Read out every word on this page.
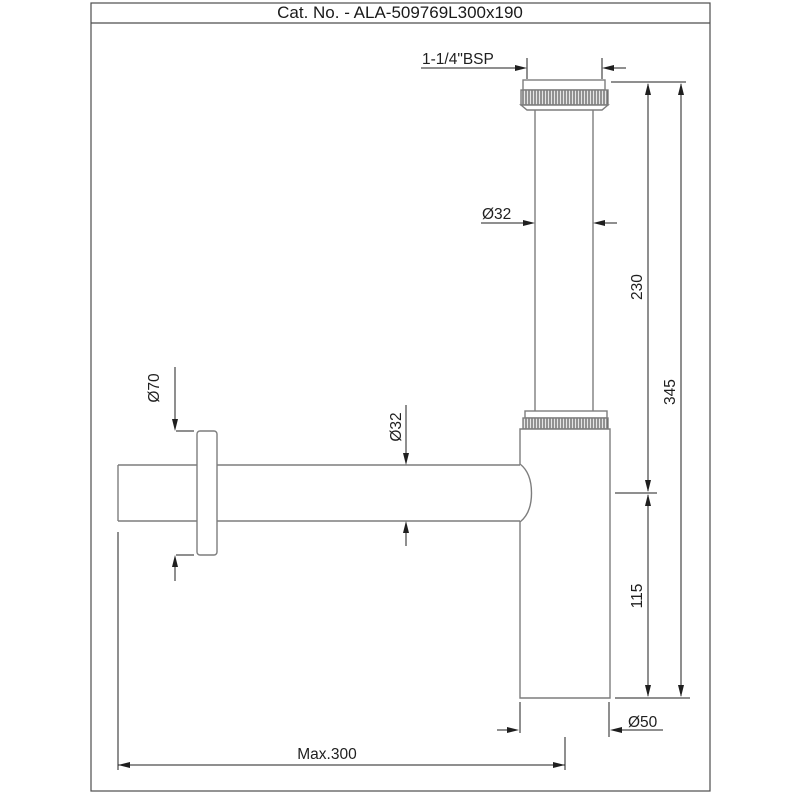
Cat. No. - ALA-509769L300x190
1-1/4"BSP
Ø32
230
345
Ø70
Ø32
115
Ø50
Max.300
